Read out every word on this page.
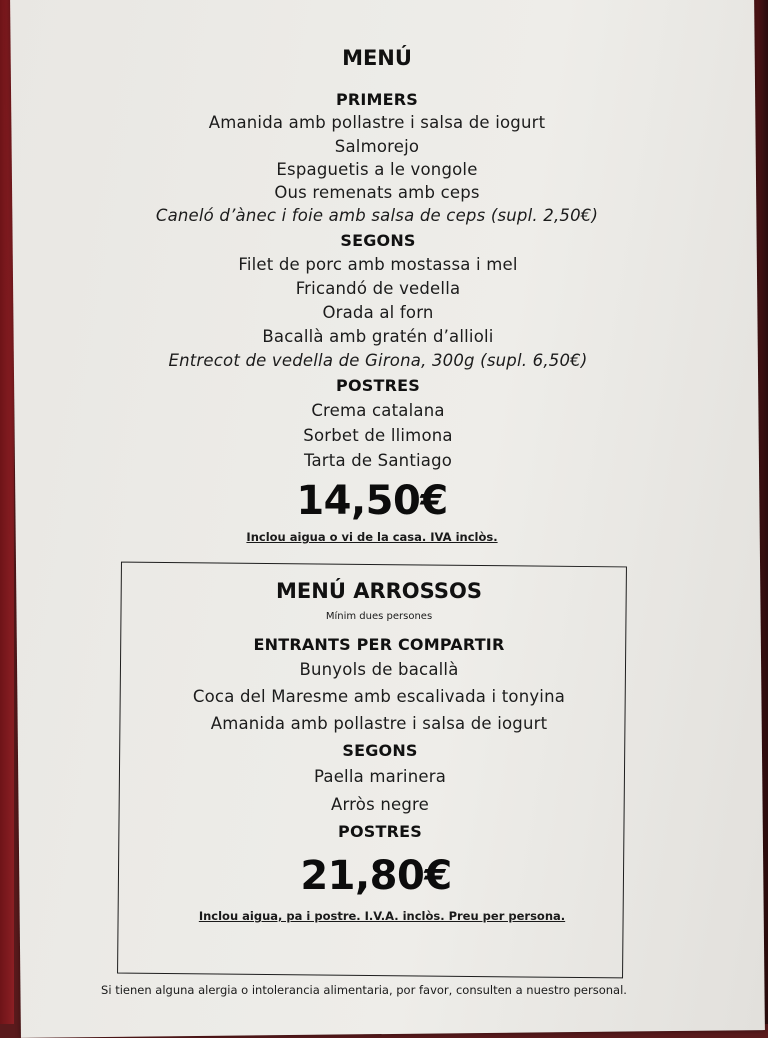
MENÚ
PRIMERS
Amanida amb pollastre i salsa de iogurt
Salmorejo
Espaguetis a le vongole
Ous remenats amb ceps
Caneló d’ànec i foie amb salsa de ceps (supl. 2,50€)
SEGONS
Filet de porc amb mostassa i mel
Fricandó de vedella
Orada al forn
Bacallà amb gratén d’allioli
Entrecot de vedella de Girona, 300g (supl. 6,50€)
POSTRES
Crema catalana
Sorbet de llimona
Tarta de Santiago
14,50€
Inclou aigua o vi de la casa. IVA inclòs.
MENÚ ARROSSOS
Mínim dues persones
ENTRANTS PER COMPARTIR
Bunyols de bacallà
Coca del Maresme amb escalivada i tonyina
Amanida amb pollastre i salsa de iogurt
SEGONS
Paella marinera
Arròs negre
POSTRES
21,80€
Inclou aigua, pa i postre. I.V.A. inclòs. Preu per persona.
Si tienen alguna alergia o intolerancia alimentaria, por favor, consulten a nuestro personal.
